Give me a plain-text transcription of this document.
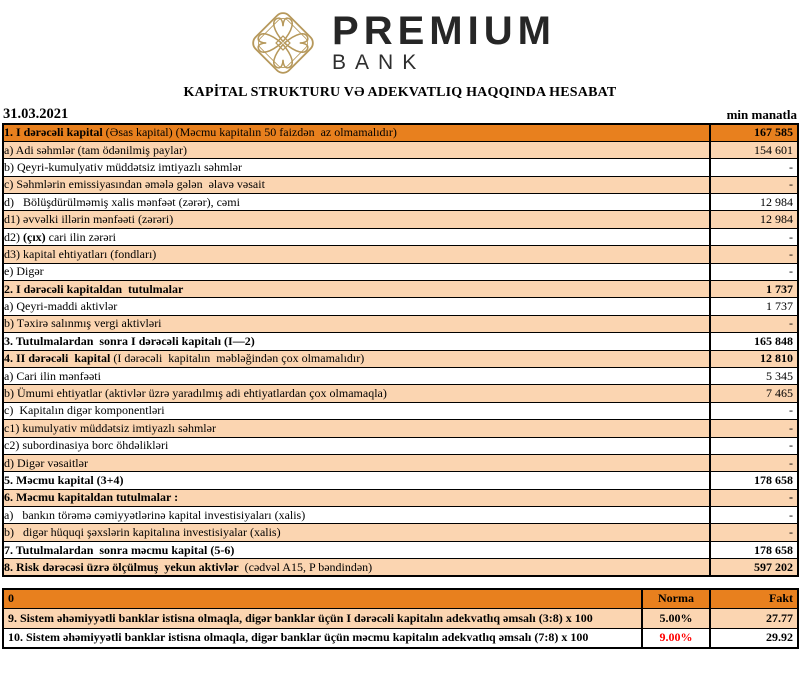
PREMIUM
BANK
KAPİTAL STRUKTURU VƏ ADEKVATLIQ HAQQINDA HESABAT
31.03.2021	min manatla
1. I dərəcəli kapital (Əsas kapital) (Məcmu kapitalın 50 faizdən  az olmamalıdır)	167 585
a) Adi səhmlər (tam ödənilmiş paylar)	154 601
b) Qeyri-kumulyativ müddətsiz imtiyazlı səhmlər	-
c) Səhmlərin emissiyasından əmələ gələn  əlavə vəsait	-
d)   Bölüşdürülməmiş xalis mənfəət (zərər), cəmi	12 984
d1) əvvəlki illərin mənfəəti (zərəri)	12 984
d2) (çıx) cari ilin zərəri	-
d3) kapital ehtiyatları (fondları)	-
e) Digər	-
2. I dərəcəli kapitaldan  tutulmalar	1 737
a) Qeyri-maddi aktivlər	1 737
b) Təxirə salınmış vergi aktivləri	-
3. Tutulmalardan  sonra I dərəcəli kapitalı (I—2)	165 848
4. II dərəcəli  kapital (I dərəcəli  kapitalın  məbləğindən çox olmamalıdır)	12 810
a) Cari ilin mənfəəti	5 345
b) Ümumi ehtiyatlar (aktivlər üzrə yaradılmış adi ehtiyatlardan çox olmamaqla)	7 465
c)  Kapitalın digər komponentləri	-
c1) kumulyativ müddətsiz imtiyazlı səhmlər	-
c2) subordinasiya borc öhdəlikləri	-
d) Digər vəsaitlər	-
5. Məcmu kapital (3+4)	178 658
6. Məcmu kapitaldan tutulmalar :	-
a)   bankın törəmə cəmiyyətlərinə kapital investisiyaları (xalis)	-
b)   digər hüquqi şəxslərin kapitalına investisiyalar (xalis)	-
7. Tutulmalardan  sonra məcmu kapital (5-6)	178 658
8. Risk dərəcəsi üzrə ölçülmuş  yekun aktivlər  (cədvəl A15, P bəndindən)	597 202
0	Norma	Fakt
9. Sistem əhəmiyyətli banklar istisna olmaqla, digər banklar üçün I dərəcəli kapitalın adekvatlıq əmsalı (3:8) x 100	5.00%	27.77
10. Sistem əhəmiyyətli banklar istisna olmaqla, digər banklar üçün məcmu kapitalın adekvatlıq əmsalı (7:8) x 100	9.00%	29.92
